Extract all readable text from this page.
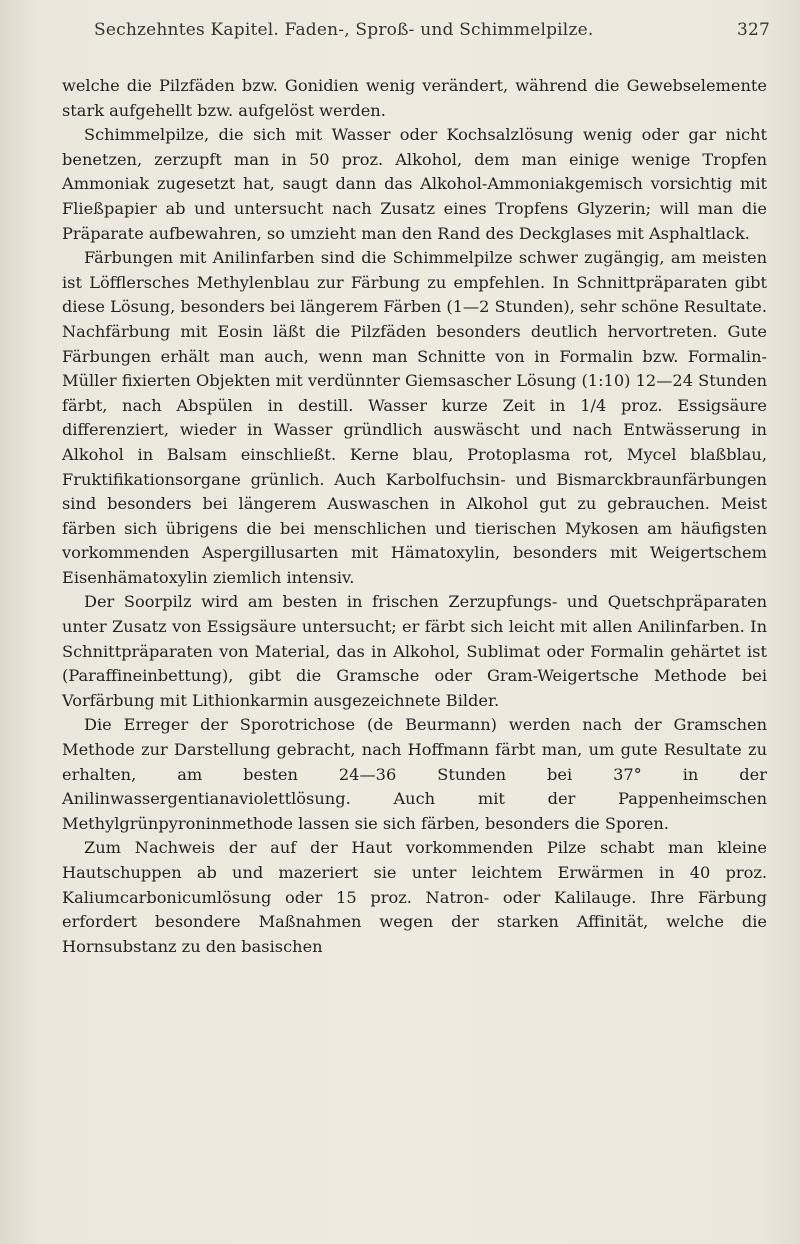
Sechzehntes Kapitel. Faden-, Sproß- und Schimmelpilze.	327

welche die Pilzfäden bzw. Gonidien wenig verändert, während die Gewebselemente stark aufgehellt bzw. aufgelöst werden.

Schimmelpilze, die sich mit Wasser oder Kochsalzlösung wenig oder gar nicht benetzen, zerzupft man in 50 proz. Alkohol, dem man einige wenige Tropfen Ammoniak zugesetzt hat, saugt dann das Alkohol-Ammoniakgemisch vorsichtig mit Fließpapier ab und untersucht nach Zusatz eines Tropfens Glyzerin; will man die Präparate aufbewahren, so umzieht man den Rand des Deckglases mit Asphaltlack.

Färbungen mit Anilinfarben sind die Schimmelpilze schwer zugängig, am meisten ist Löfflersches Methylenblau zur Färbung zu empfehlen. In Schnittpräparaten gibt diese Lösung, besonders bei längerem Färben (1—2 Stunden), sehr schöne Resultate. Nachfärbung mit Eosin läßt die Pilzfäden besonders deutlich hervortreten. Gute Färbungen erhält man auch, wenn man Schnitte von in Formalin bzw. Formalin-Müller fixierten Objekten mit verdünnter Giemsascher Lösung (1:10) 12—24 Stunden färbt, nach Abspülen in destill. Wasser kurze Zeit in 1/4 proz. Essigsäure differenziert, wieder in Wasser gründlich auswäscht und nach Entwässerung in Alkohol in Balsam einschließt. Kerne blau, Protoplasma rot, Mycel blaßblau, Fruktifikationsorgane grünlich. Auch Karbolfuchsin- und Bismarckbraunfärbungen sind besonders bei längerem Auswaschen in Alkohol gut zu gebrauchen. Meist färben sich übrigens die bei menschlichen und tierischen Mykosen am häufigsten vorkommenden Aspergillusarten mit Hämatoxylin, besonders mit Weigertschem Eisenhämatoxylin ziemlich intensiv.

Der Soorpilz wird am besten in frischen Zerzupfungs- und Quetschpräparaten unter Zusatz von Essigsäure untersucht; er färbt sich leicht mit allen Anilinfarben. In Schnittpräparaten von Material, das in Alkohol, Sublimat oder Formalin gehärtet ist (Paraffineinbettung), gibt die Gramsche oder Gram-Weigertsche Methode bei Vorfärbung mit Lithionkarmin ausgezeichnete Bilder.

Die Erreger der Sporotrichose (de Beurmann) werden nach der Gramschen Methode zur Darstellung gebracht, nach Hoffmann färbt man, um gute Resultate zu erhalten, am besten 24—36 Stunden bei 37° in der Anilinwassergentianaviolettlösung. Auch mit der Pappenheimschen Methylgrünpyroninmethode lassen sie sich färben, besonders die Sporen.

Zum Nachweis der auf der Haut vorkommenden Pilze schabt man kleine Hautschuppen ab und mazeriert sie unter leichtem Erwärmen in 40 proz. Kaliumcarbonicumlösung oder 15 proz. Natron- oder Kalilauge. Ihre Färbung erfordert besondere Maßnahmen wegen der starken Affinität, welche die Hornsubstanz zu den basischen
